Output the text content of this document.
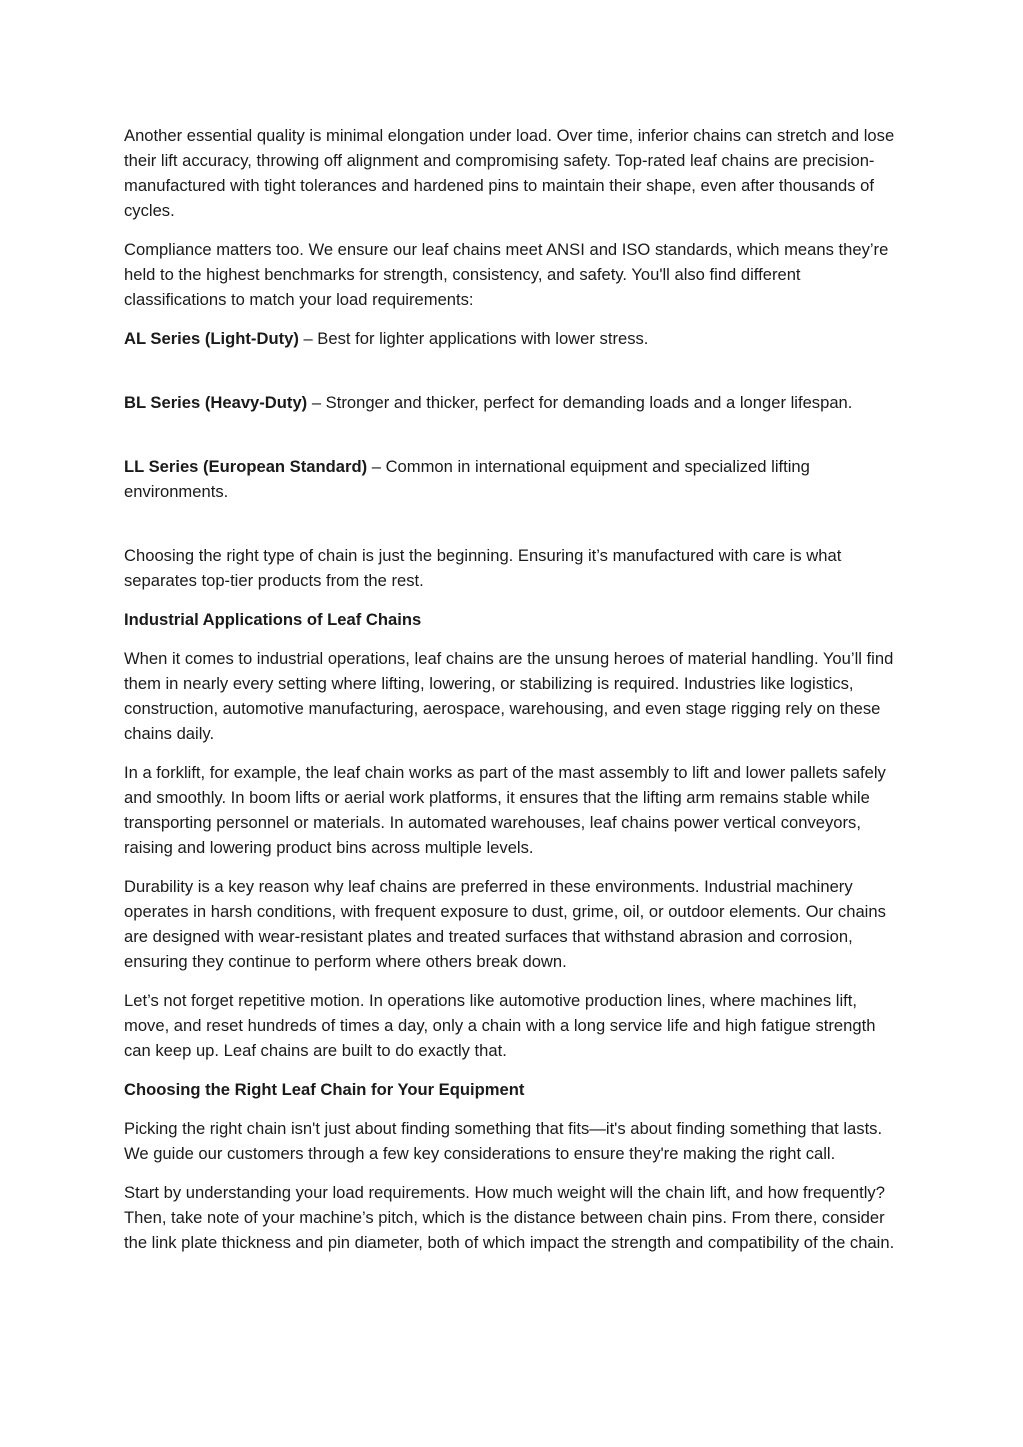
Another essential quality is minimal elongation under load. Over time, inferior chains can stretch and lose their lift accuracy, throwing off alignment and compromising safety. Top-rated leaf chains are precision-manufactured with tight tolerances and hardened pins to maintain their shape, even after thousands of cycles.

Compliance matters too. We ensure our leaf chains meet ANSI and ISO standards, which means they’re held to the highest benchmarks for strength, consistency, and safety. You'll also find different classifications to match your load requirements:

AL Series (Light-Duty) – Best for lighter applications with lower stress.

BL Series (Heavy-Duty) – Stronger and thicker, perfect for demanding loads and a longer lifespan.

LL Series (European Standard) – Common in international equipment and specialized lifting environments.

Choosing the right type of chain is just the beginning. Ensuring it’s manufactured with care is what separates top-tier products from the rest.

Industrial Applications of Leaf Chains

When it comes to industrial operations, leaf chains are the unsung heroes of material handling. You’ll find them in nearly every setting where lifting, lowering, or stabilizing is required. Industries like logistics, construction, automotive manufacturing, aerospace, warehousing, and even stage rigging rely on these chains daily.

In a forklift, for example, the leaf chain works as part of the mast assembly to lift and lower pallets safely and smoothly. In boom lifts or aerial work platforms, it ensures that the lifting arm remains stable while transporting personnel or materials. In automated warehouses, leaf chains power vertical conveyors, raising and lowering product bins across multiple levels.

Durability is a key reason why leaf chains are preferred in these environments. Industrial machinery operates in harsh conditions, with frequent exposure to dust, grime, oil, or outdoor elements. Our chains are designed with wear-resistant plates and treated surfaces that withstand abrasion and corrosion, ensuring they continue to perform where others break down.

Let’s not forget repetitive motion. In operations like automotive production lines, where machines lift, move, and reset hundreds of times a day, only a chain with a long service life and high fatigue strength can keep up. Leaf chains are built to do exactly that.

Choosing the Right Leaf Chain for Your Equipment

Picking the right chain isn't just about finding something that fits—it's about finding something that lasts. We guide our customers through a few key considerations to ensure they're making the right call.

Start by understanding your load requirements. How much weight will the chain lift, and how frequently? Then, take note of your machine’s pitch, which is the distance between chain pins. From there, consider the link plate thickness and pin diameter, both of which impact the strength and compatibility of the chain.
